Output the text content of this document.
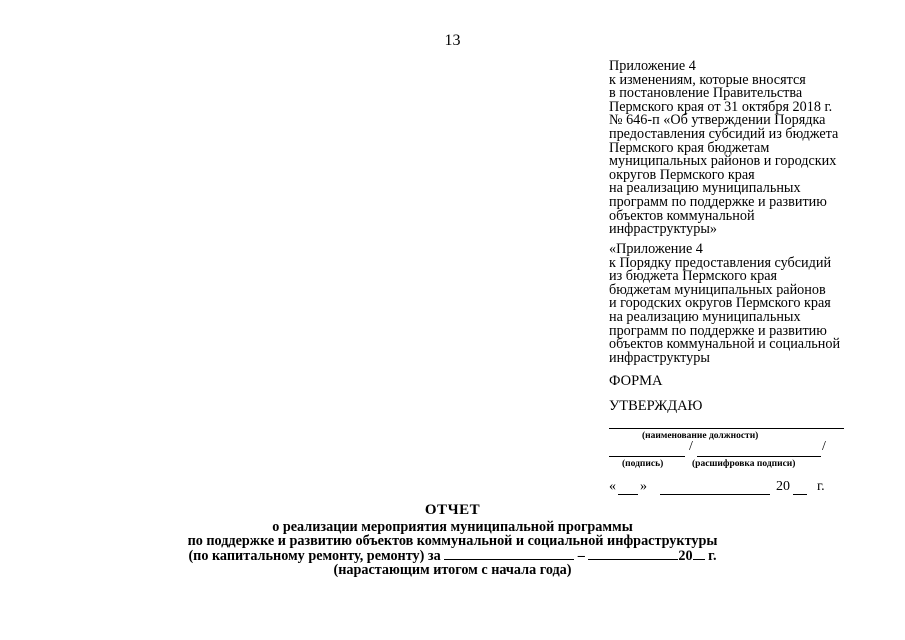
13
Приложение 4
к изменениям, которые вносятся
в постановление Правительства
Пермского края от 31 октября 2018 г.
№ 646-п «Об утверждении Порядка
предоставления субсидий из бюджета
Пермского края бюджетам
муниципальных районов и городских
округов Пермского края
на реализацию муниципальных
программ по поддержке и развитию
объектов коммунальной
инфраструктуры»
«Приложение 4
к Порядку предоставления субсидий
из бюджета Пермского края
бюджетам муниципальных районов
и городских округов Пермского края
на реализацию муниципальных
программ по поддержке и развитию
объектов коммунальной и социальной
инфраструктуры
ФОРМА
УТВЕРЖДАЮ
(наименование должности)
/	/
(подпись)	(расшифровка подписи)
« »	20 г.
ОТЧЕТ
о реализации мероприятия муниципальной программы
по поддержке и развитию объектов коммунальной и социальной инфраструктуры
(по капитальному ремонту, ремонту) за	–	20 г.
(нарастающим итогом с начала года)
